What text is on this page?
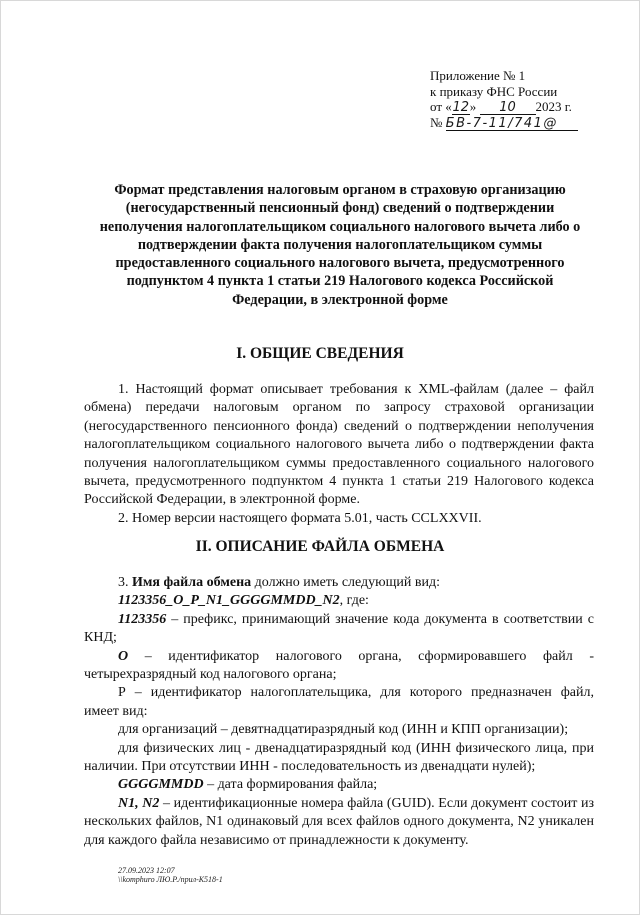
Приложение № 1
к приказу ФНС России
от «12» 10 2023 г.
№ БВ-7-11/741@
Формат представления налоговым органом в страховую организацию (негосударственный пенсионный фонд) сведений о подтверждении неполучения налогоплательщиком социального налогового вычета либо о подтверждении факта получения налогоплательщиком суммы предоставленного социального налогового вычета, предусмотренного подпунктом 4 пункта 1 статьи 219 Налогового кодекса Российской Федерации, в электронной форме
I. ОБЩИЕ СВЕДЕНИЯ

1. Настоящий формат описывает требования к XML-файлам (далее – файл обмена) передачи налоговым органом по запросу страховой организации (негосударственного пенсионного фонда) сведений о подтверждении неполучения налогоплательщиком социального налогового вычета либо о подтверждении факта получения налогоплательщиком суммы предоставленного социального налогового вычета, предусмотренного подпунктом 4 пункта 1 статьи 219 Налогового кодекса Российской Федерации, в электронной форме.

2. Номер версии настоящего формата 5.01, часть CCLXXVII.

II. ОПИСАНИЕ ФАЙЛА ОБМЕНА

3. Имя файла обмена должно иметь следующий вид:

1123356_O_P_N1_GGGGMMDD_N2, где:

1123356 – префикс, принимающий значение кода документа в соответствии с КНД;

O – идентификатор налогового органа, сформировавшего файл - четырехразрядный код налогового органа;

Р – идентификатор налогоплательщика, для которого предназначен файл, имеет вид:

для организаций – девятнадцатиразрядный код (ИНН и КПП организации);

для физических лиц - двенадцатиразрядный код (ИНН физического лица, при наличии. При отсутствии ИНН - последовательность из двенадцати нулей);

GGGGMMDD – дата формирования файла;

N1, N2 – идентификационные номера файла (GUID). Если документ состоит из нескольких файлов, N1 одинаковый для всех файлов одного документа, N2 уникален для каждого файла независимо от принадлежности к документу.

27.09.2023 12:07
\\komphuro ЛЮ.Р./прил-К518-1
